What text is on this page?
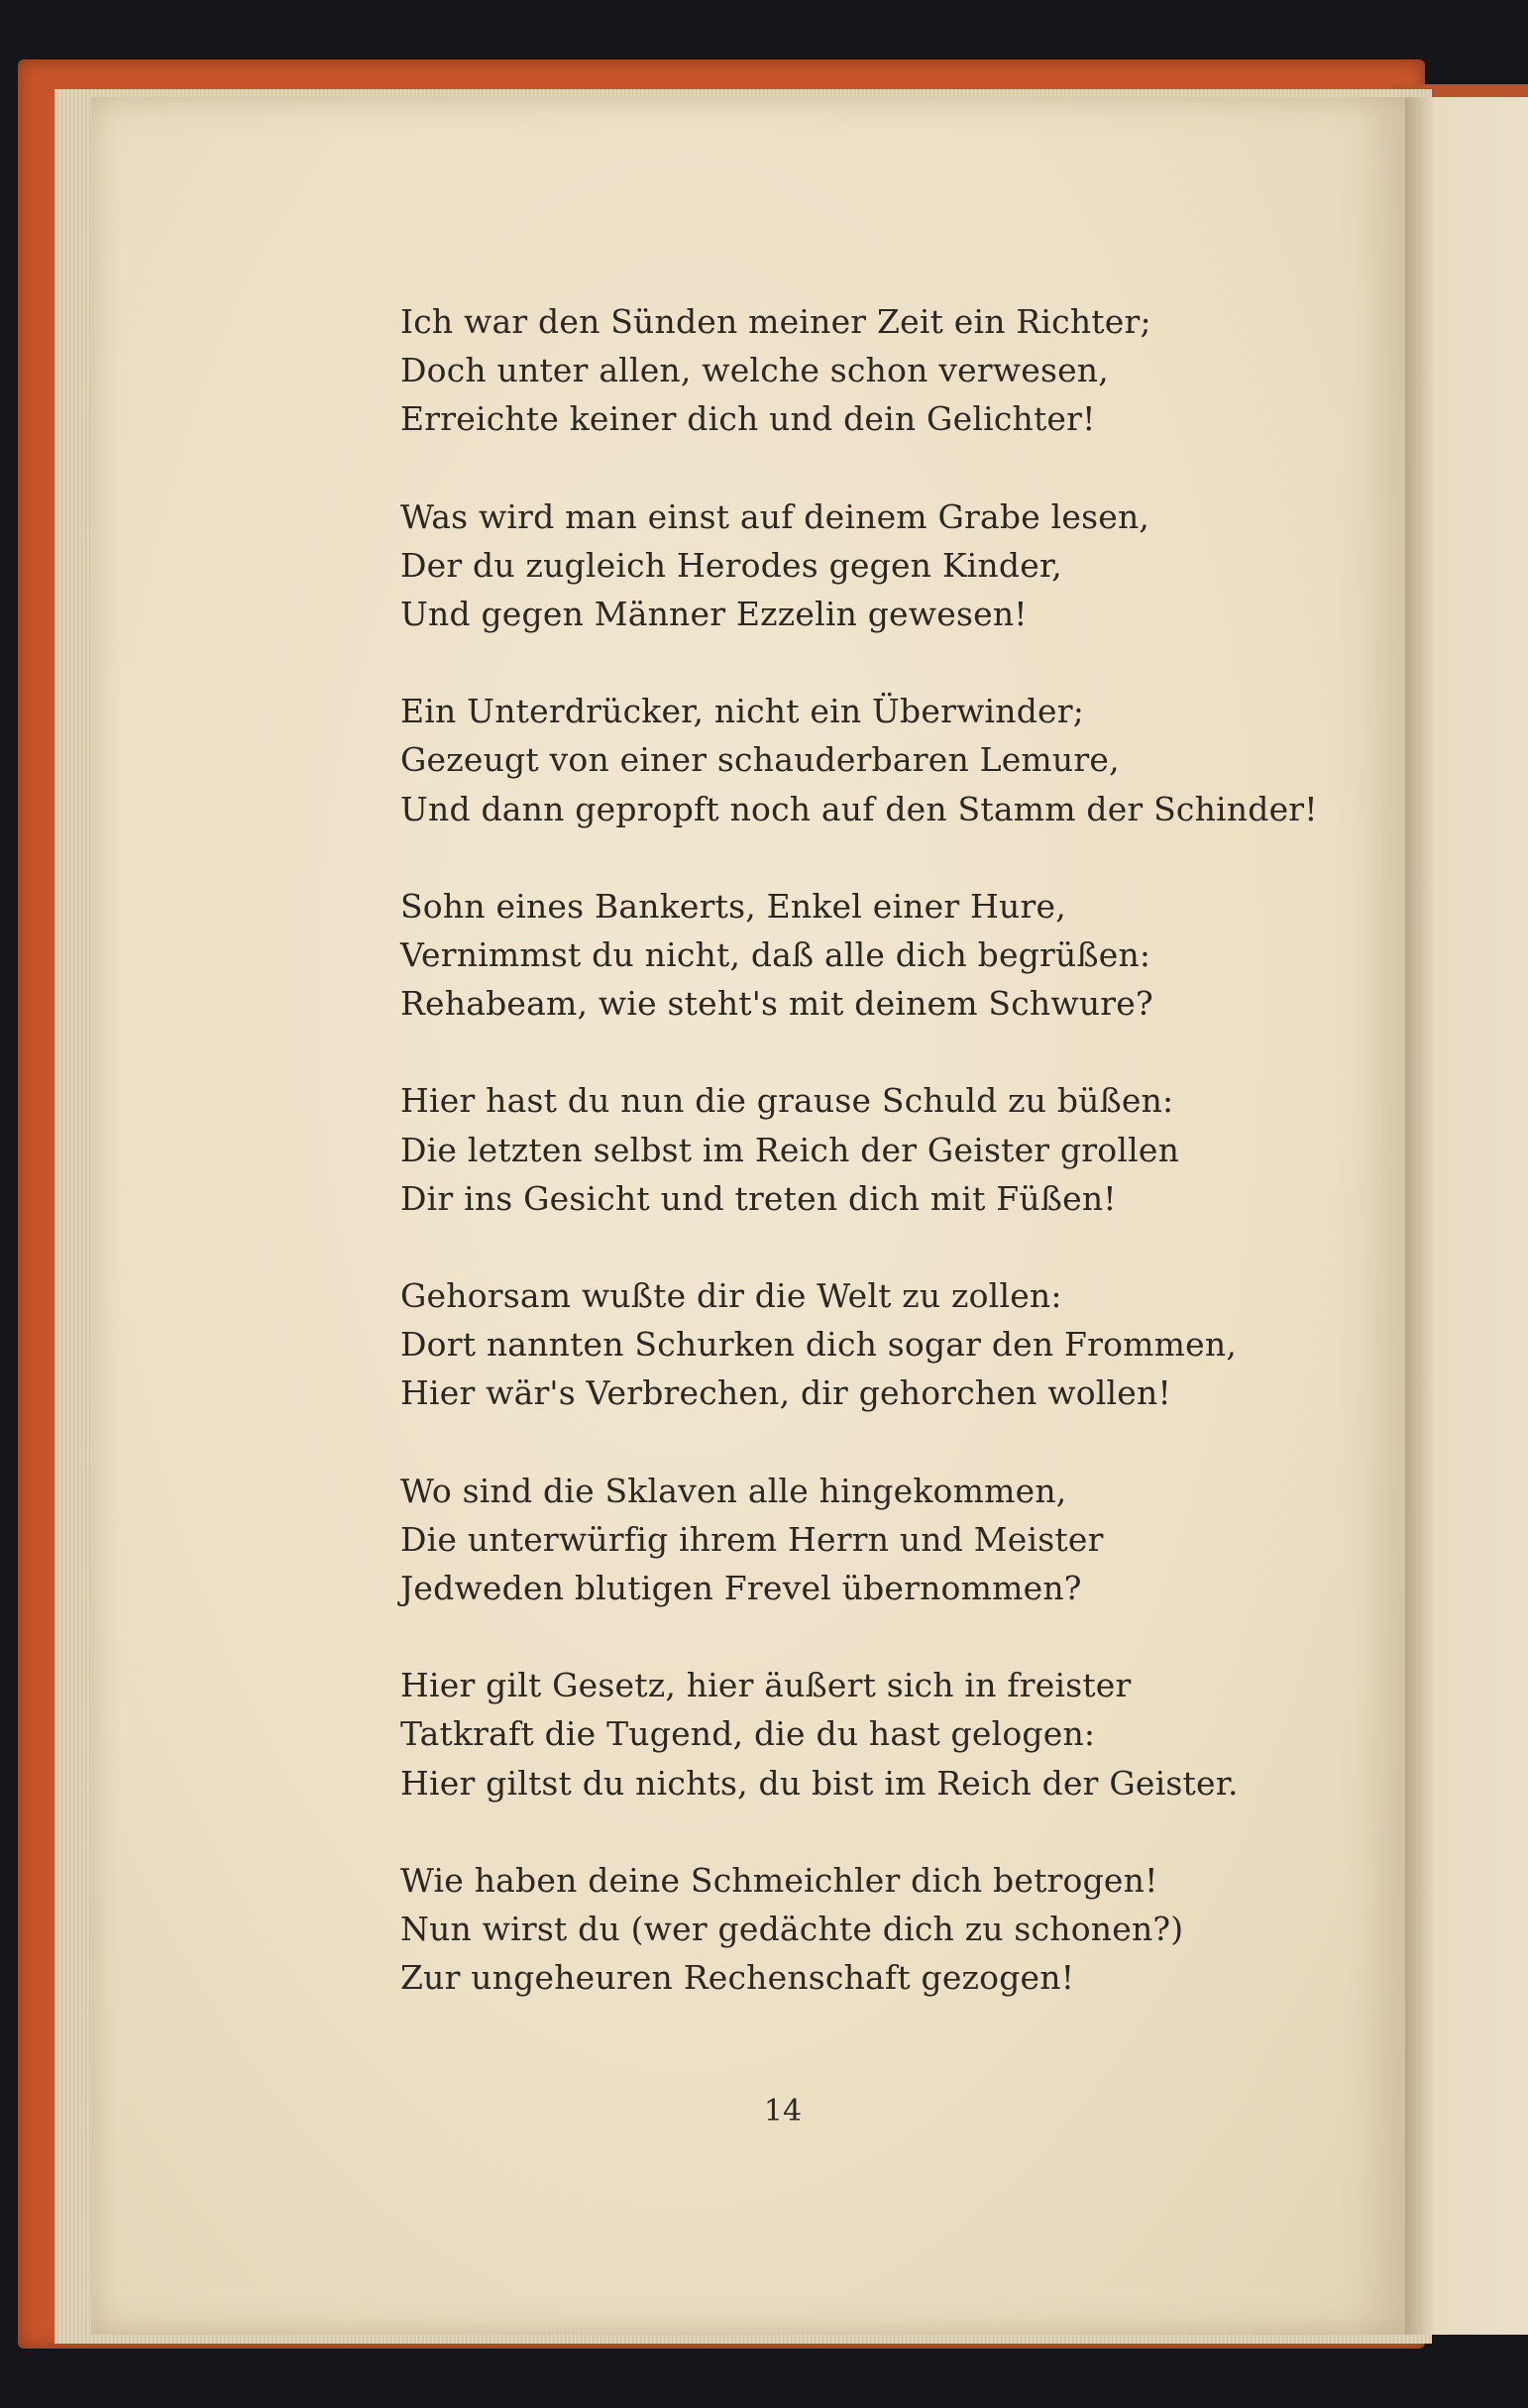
Ich war den Sünden meiner Zeit ein Richter;
Doch unter allen, welche schon verwesen,
Erreichte keiner dich und dein Gelichter!
Was wird man einst auf deinem Grabe lesen,
Der du zugleich Herodes gegen Kinder,
Und gegen Männer Ezzelin gewesen!
Ein Unterdrücker, nicht ein Überwinder;
Gezeugt von einer schauderbaren Lemure,
Und dann gepropft noch auf den Stamm der Schinder!
Sohn eines Bankerts, Enkel einer Hure,
Vernimmst du nicht, daß alle dich begrüßen:
Rehabeam, wie steht's mit deinem Schwure?
Hier hast du nun die grause Schuld zu büßen:
Die letzten selbst im Reich der Geister grollen
Dir ins Gesicht und treten dich mit Füßen!
Gehorsam wußte dir die Welt zu zollen:
Dort nannten Schurken dich sogar den Frommen,
Hier wär's Verbrechen, dir gehorchen wollen!
Wo sind die Sklaven alle hingekommen,
Die unterwürfig ihrem Herrn und Meister
Jedweden blutigen Frevel übernommen?
Hier gilt Gesetz, hier äußert sich in freister
Tatkraft die Tugend, die du hast gelogen:
Hier giltst du nichts, du bist im Reich der Geister.
Wie haben deine Schmeichler dich betrogen!
Nun wirst du (wer gedächte dich zu schonen?)
Zur ungeheuren Rechenschaft gezogen!
14
